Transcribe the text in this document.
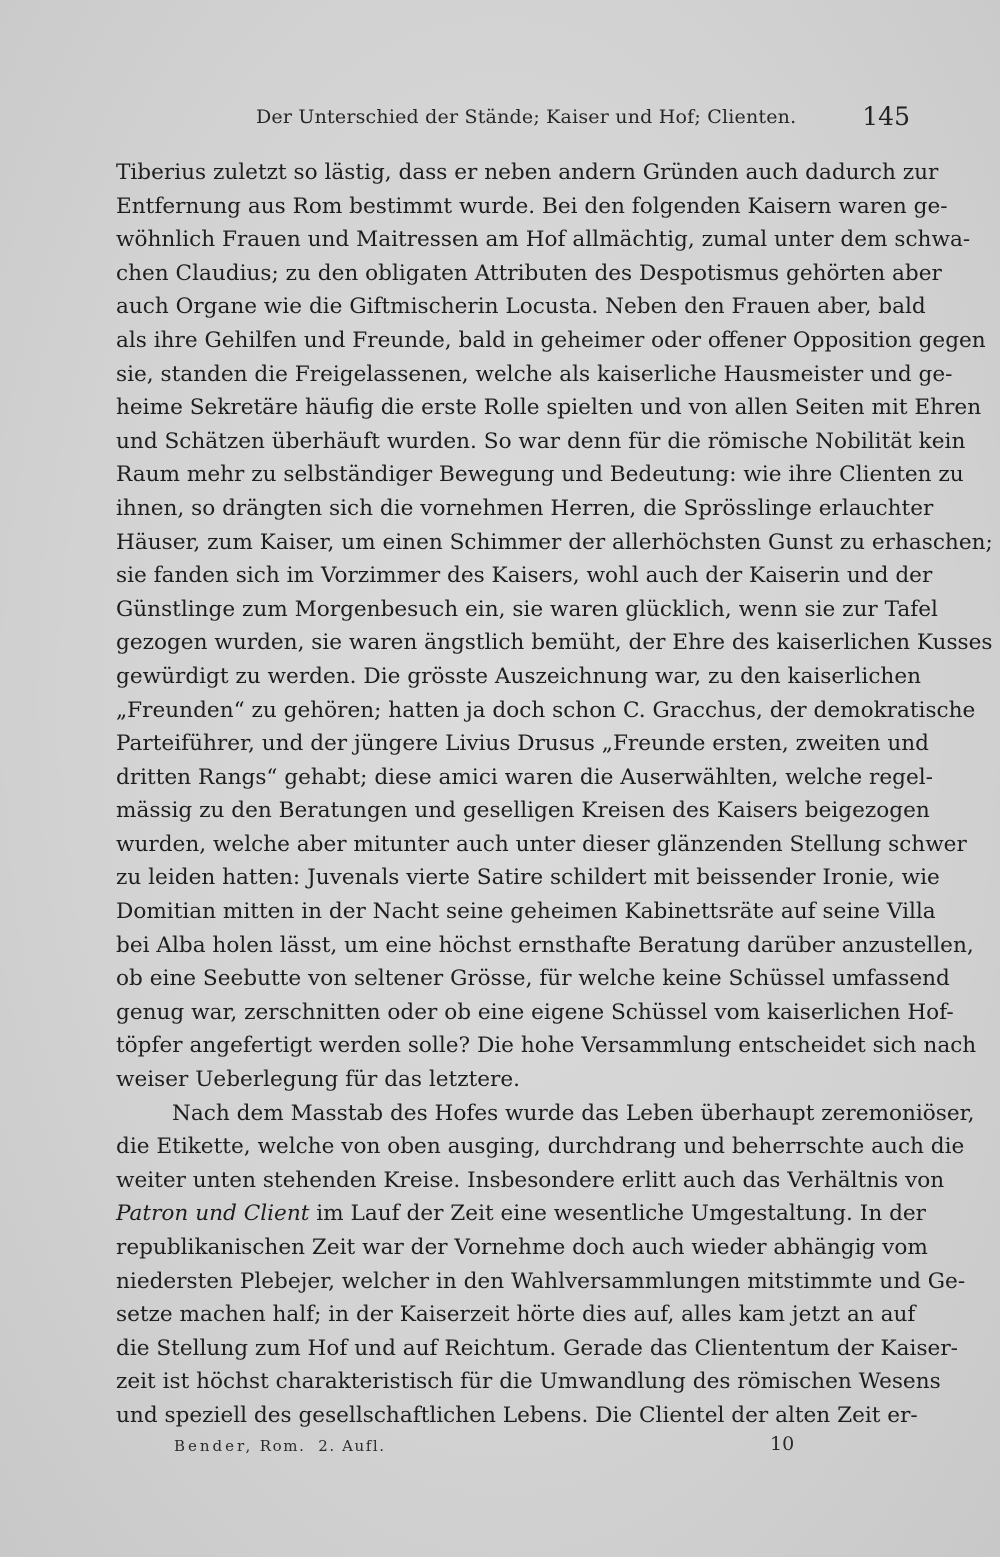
Der Unterschied der Stände; Kaiser und Hof; Clienten.	145
Tiberius zuletzt so lästig, dass er neben andern Gründen auch dadurch zur
Entfernung aus Rom bestimmt wurde. Bei den folgenden Kaisern waren ge-
wöhnlich Frauen und Maitressen am Hof allmächtig, zumal unter dem schwa-
chen Claudius; zu den obligaten Attributen des Despotismus gehörten aber
auch Organe wie die Giftmischerin Locusta. Neben den Frauen aber, bald
als ihre Gehilfen und Freunde, bald in geheimer oder offener Opposition gegen
sie, standen die Freigelassenen, welche als kaiserliche Hausmeister und ge-
heime Sekretäre häufig die erste Rolle spielten und von allen Seiten mit Ehren
und Schätzen überhäuft wurden. So war denn für die römische Nobilität kein
Raum mehr zu selbständiger Bewegung und Bedeutung: wie ihre Clienten zu
ihnen, so drängten sich die vornehmen Herren, die Sprösslinge erlauchter
Häuser, zum Kaiser, um einen Schimmer der allerhöchsten Gunst zu erhaschen;
sie fanden sich im Vorzimmer des Kaisers, wohl auch der Kaiserin und der
Günstlinge zum Morgenbesuch ein, sie waren glücklich, wenn sie zur Tafel
gezogen wurden, sie waren ängstlich bemüht, der Ehre des kaiserlichen Kusses
gewürdigt zu werden. Die grösste Auszeichnung war, zu den kaiserlichen
„Freunden“ zu gehören; hatten ja doch schon C. Gracchus, der demokratische
Parteiführer, und der jüngere Livius Drusus „Freunde ersten, zweiten und
dritten Rangs“ gehabt; diese amici waren die Auserwählten, welche regel-
mässig zu den Beratungen und geselligen Kreisen des Kaisers beigezogen
wurden, welche aber mitunter auch unter dieser glänzenden Stellung schwer
zu leiden hatten: Juvenals vierte Satire schildert mit beissender Ironie, wie
Domitian mitten in der Nacht seine geheimen Kabinettsräte auf seine Villa
bei Alba holen lässt, um eine höchst ernsthafte Beratung darüber anzustellen,
ob eine Seebutte von seltener Grösse, für welche keine Schüssel umfassend
genug war, zerschnitten oder ob eine eigene Schüssel vom kaiserlichen Hof-
töpfer angefertigt werden solle? Die hohe Versammlung entscheidet sich nach
weiser Ueberlegung für das letztere.
Nach dem Masstab des Hofes wurde das Leben überhaupt zeremoniöser,
die Etikette, welche von oben ausging, durchdrang und beherrschte auch die
weiter unten stehenden Kreise. Insbesondere erlitt auch das Verhältnis von
Patron und Client im Lauf der Zeit eine wesentliche Umgestaltung. In der
republikanischen Zeit war der Vornehme doch auch wieder abhängig vom
niedersten Plebejer, welcher in den Wahlversammlungen mitstimmte und Ge-
setze machen half; in der Kaiserzeit hörte dies auf, alles kam jetzt an auf
die Stellung zum Hof und auf Reichtum. Gerade das Cliententum der Kaiser-
zeit ist höchst charakteristisch für die Umwandlung des römischen Wesens
und speziell des gesellschaftlichen Lebens. Die Clientel der alten Zeit er-
Bender, Rom. 2. Aufl.	10
